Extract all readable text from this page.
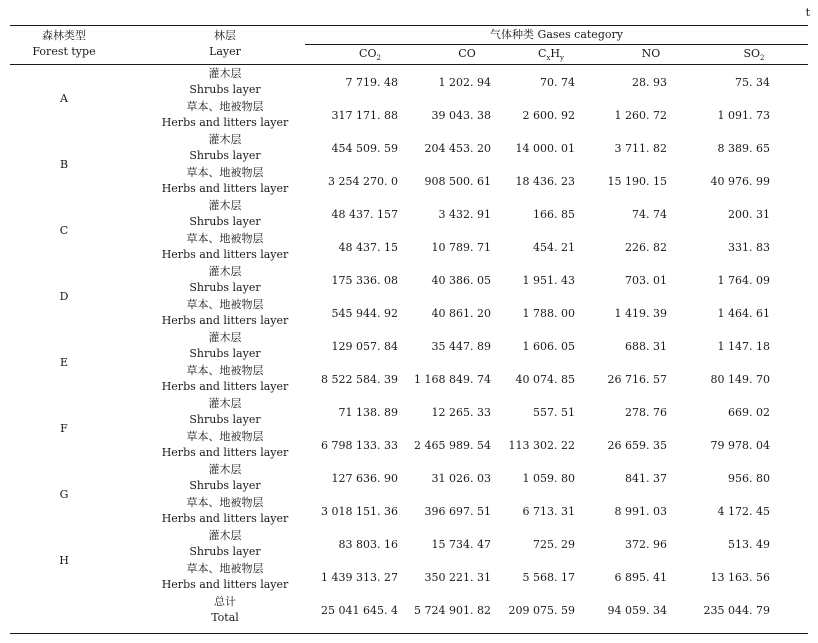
t
森林类型
Forest type
林层
Layer
气体种类 Gases category
$CO_2$	CO	$C_xH_y$	NO	$SO_2$
A
灌木层
Shrubs layer
7 719. 48	1 202. 94	70. 74	28. 93	75. 34
草本、地被物层
Herbs and litters layer
317 171. 88	39 043. 38	2 600. 92	1 260. 72	1 091. 73
B
灌木层
Shrubs layer
454 509. 59	204 453. 20	14 000. 01	3 711. 82	8 389. 65
草本、地被物层
Herbs and litters layer
3 254 270. 0	908 500. 61	18 436. 23	15 190. 15	40 976. 99
C
灌木层
Shrubs layer
48 437. 157	3 432. 91	166. 85	74. 74	200. 31
草本、地被物层
Herbs and litters layer
48 437. 15	10 789. 71	454. 21	226. 82	331. 83
D
灌木层
Shrubs layer
175 336. 08	40 386. 05	1 951. 43	703. 01	1 764. 09
草本、地被物层
Herbs and litters layer
545 944. 92	40 861. 20	1 788. 00	1 419. 39	1 464. 61
E
灌木层
Shrubs layer
129 057. 84	35 447. 89	1 606. 05	688. 31	1 147. 18
草本、地被物层
Herbs and litters layer
8 522 584. 39	1 168 849. 74	40 074. 85	26 716. 57	80 149. 70
F
灌木层
Shrubs layer
71 138. 89	12 265. 33	557. 51	278. 76	669. 02
草本、地被物层
Herbs and litters layer
6 798 133. 33	2 465 989. 54	113 302. 22	26 659. 35	79 978. 04
G
灌木层
Shrubs layer
127 636. 90	31 026. 03	1 059. 80	841. 37	956. 80
草本、地被物层
Herbs and litters layer
3 018 151. 36	396 697. 51	6 713. 31	8 991. 03	4 172. 45
H
灌木层
Shrubs layer
83 803. 16	15 734. 47	725. 29	372. 96	513. 49
草本、地被物层
Herbs and litters layer
1 439 313. 27	350 221. 31	5 568. 17	6 895. 41	13 163. 56
总计
Total
25 041 645. 4	5 724 901. 82	209 075. 59	94 059. 34	235 044. 79
